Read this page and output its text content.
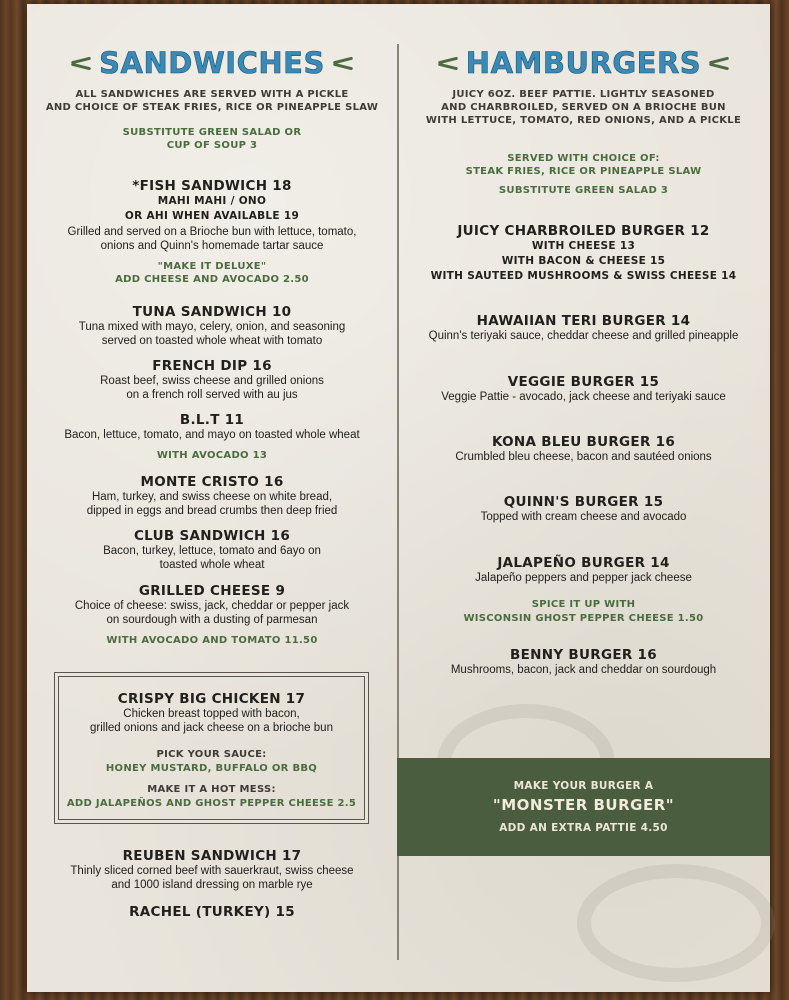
SANDWICHES
ALL SANDWICHES ARE SERVED WITH A PICKLE
AND CHOICE OF STEAK FRIES, RICE OR PINEAPPLE SLAW
SUBSTITUTE GREEN SALAD OR
CUP OF SOUP 3
*FISH SANDWICH 18
MAHI MAHI / ONO
OR AHI WHEN AVAILABLE 19
Grilled and served on a Brioche bun with lettuce, tomato,
onions and Quinn's homemade tartar sauce
"MAKE IT DELUXE"
ADD CHEESE AND AVOCADO 2.50
TUNA SANDWICH 10
Tuna mixed with mayo, celery, onion, and seasoning
served on toasted whole wheat with tomato
FRENCH DIP 16
Roast beef, swiss cheese and grilled onions
on a french roll served with au jus
B.L.T 11
Bacon, lettuce, tomato, and mayo on toasted whole wheat
WITH AVOCADO 13
MONTE CRISTO 16
Ham, turkey, and swiss cheese on white bread,
dipped in eggs and bread crumbs then deep fried
CLUB SANDWICH 16
Bacon, turkey, lettuce, tomato and 6ayo on
toasted whole wheat
GRILLED CHEESE 9
Choice of cheese: swiss, jack, cheddar or pepper jack
on sourdough with a dusting of parmesan
WITH AVOCADO AND TOMATO 11.50
CRISPY BIG CHICKEN 17
Chicken breast topped with bacon,
grilled onions and jack cheese on a brioche bun
PICK YOUR SAUCE:
HONEY MUSTARD, BUFFALO OR BBQ
MAKE IT A HOT MESS:
ADD JALAPEÑOS AND GHOST PEPPER CHEESE 2.5
REUBEN SANDWICH 17
Thinly sliced corned beef with sauerkraut, swiss cheese
and 1000 island dressing on marble rye
RACHEL (TURKEY) 15
HAMBURGERS
JUICY 6OZ. BEEF PATTIE. LIGHTLY SEASONED
AND CHARBROILED, SERVED ON A BRIOCHE BUN
WITH LETTUCE, TOMATO, RED ONIONS, AND A PICKLE
SERVED WITH CHOICE OF:
STEAK FRIES, RICE OR PINEAPPLE SLAW
SUBSTITUTE GREEN SALAD 3
JUICY CHARBROILED BURGER 12
WITH CHEESE 13
WITH BACON & CHEESE 15
WITH SAUTEED MUSHROOMS & SWISS CHEESE 14
HAWAIIAN TERI BURGER 14
Quinn's teriyaki sauce, cheddar cheese and grilled pineapple
VEGGIE BURGER 15
Veggie Pattie - avocado, jack cheese and teriyaki sauce
KONA BLEU BURGER 16
Crumbled bleu cheese, bacon and sautéed onions
QUINN'S BURGER 15
Topped with cream cheese and avocado
JALAPEÑO BURGER 14
Jalapeño peppers and pepper jack cheese
SPICE IT UP WITH
WISCONSIN GHOST PEPPER CHEESE 1.50
BENNY BURGER 16
Mushrooms, bacon, jack and cheddar on sourdough
MAKE YOUR BURGER A
"MONSTER BURGER"
ADD AN EXTRA PATTIE 4.50
